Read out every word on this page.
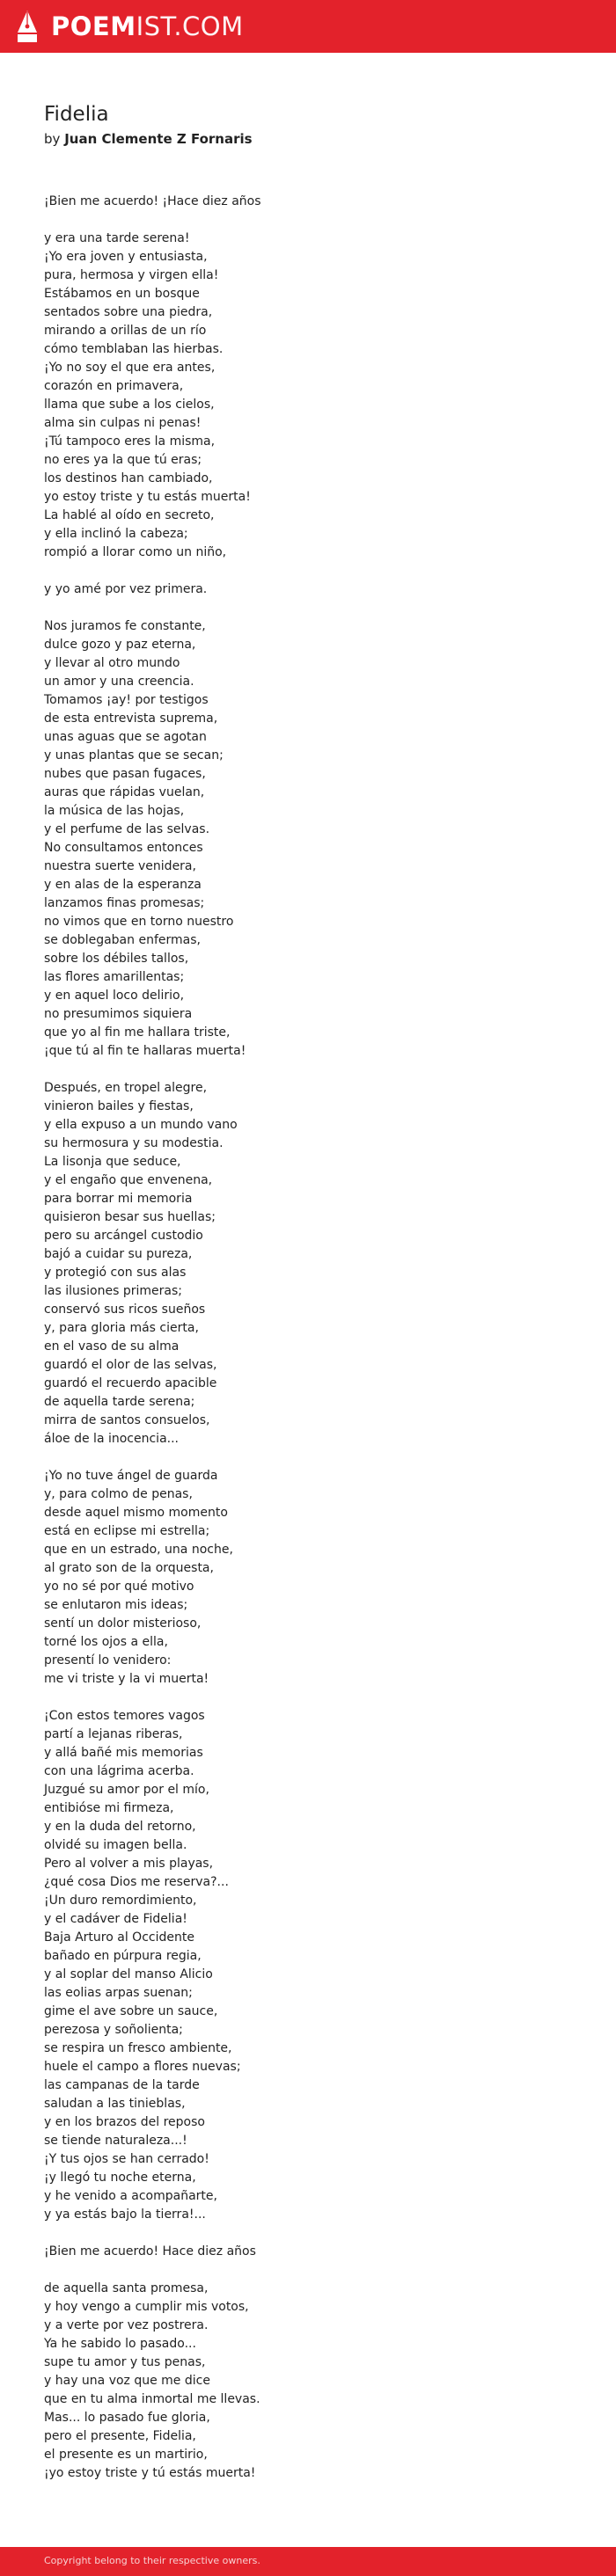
POEMIST.COM
Fidelia
by Juan Clemente Z Fornaris
¡Bien me acuerdo! ¡Hace diez años
y era una tarde serena!
¡Yo era joven y entusiasta,
pura, hermosa y virgen ella!
Estábamos en un bosque
sentados sobre una piedra,
mirando a orillas de un río
cómo temblaban las hierbas.
¡Yo no soy el que era antes,
corazón en primavera,
llama que sube a los cielos,
alma sin culpas ni penas!
¡Tú tampoco eres la misma,
no eres ya la que tú eras;
los destinos han cambiado,
yo estoy triste y tu estás muerta!
La hablé al oído en secreto,
y ella inclinó la cabeza;
rompió a llorar como un niño,
y yo amé por vez primera.
Nos juramos fe constante,
dulce gozo y paz eterna,
y llevar al otro mundo
un amor y una creencia.
Tomamos ¡ay! por testigos
de esta entrevista suprema,
unas aguas que se agotan
y unas plantas que se secan;
nubes que pasan fugaces,
auras que rápidas vuelan,
la música de las hojas,
y el perfume de las selvas.
No consultamos entonces
nuestra suerte venidera,
y en alas de la esperanza
lanzamos finas promesas;
no vimos que en torno nuestro
se doblegaban enfermas,
sobre los débiles tallos,
las flores amarillentas;
y en aquel loco delirio,
no presumimos siquiera
que yo al fin me hallara triste,
¡que tú al fin te hallaras muerta!
Después, en tropel alegre,
vinieron bailes y fiestas,
y ella expuso a un mundo vano
su hermosura y su modestia.
La lisonja que seduce,
y el engaño que envenena,
para borrar mi memoria
quisieron besar sus huellas;
pero su arcángel custodio
bajó a cuidar su pureza,
y protegió con sus alas
las ilusiones primeras;
conservó sus ricos sueños
y, para gloria más cierta,
en el vaso de su alma
guardó el olor de las selvas,
guardó el recuerdo apacible
de aquella tarde serena;
mirra de santos consuelos,
áloe de la inocencia...
¡Yo no tuve ángel de guarda
y, para colmo de penas,
desde aquel mismo momento
está en eclipse mi estrella;
que en un estrado, una noche,
al grato son de la orquesta,
yo no sé por qué motivo
se enlutaron mis ideas;
sentí un dolor misterioso,
torné los ojos a ella,
presentí lo venidero:
me vi triste y la vi muerta!
¡Con estos temores vagos
partí a lejanas riberas,
y allá bañé mis memorias
con una lágrima acerba.
Juzgué su amor por el mío,
entibióse mi firmeza,
y en la duda del retorno,
olvidé su imagen bella.
Pero al volver a mis playas,
¿qué cosa Dios me reserva?...
¡Un duro remordimiento,
y el cadáver de Fidelia!
Baja Arturo al Occidente
bañado en púrpura regia,
y al soplar del manso Alicio
las eolias arpas suenan;
gime el ave sobre un sauce,
perezosa y soñolienta;
se respira un fresco ambiente,
huele el campo a flores nuevas;
las campanas de la tarde
saludan a las tinieblas,
y en los brazos del reposo
se tiende naturaleza...!
¡Y tus ojos se han cerrado!
¡y llegó tu noche eterna,
y he venido a acompañarte,
y ya estás bajo la tierra!...
¡Bien me acuerdo! Hace diez años
de aquella santa promesa,
y hoy vengo a cumplir mis votos,
y a verte por vez postrera.
Ya he sabido lo pasado...
supe tu amor y tus penas,
y hay una voz que me dice
que en tu alma inmortal me llevas.
Mas... lo pasado fue gloria,
pero el presente, Fidelia,
el presente es un martirio,
¡yo estoy triste y tú estás muerta!
Copyright belong to their respective owners.
